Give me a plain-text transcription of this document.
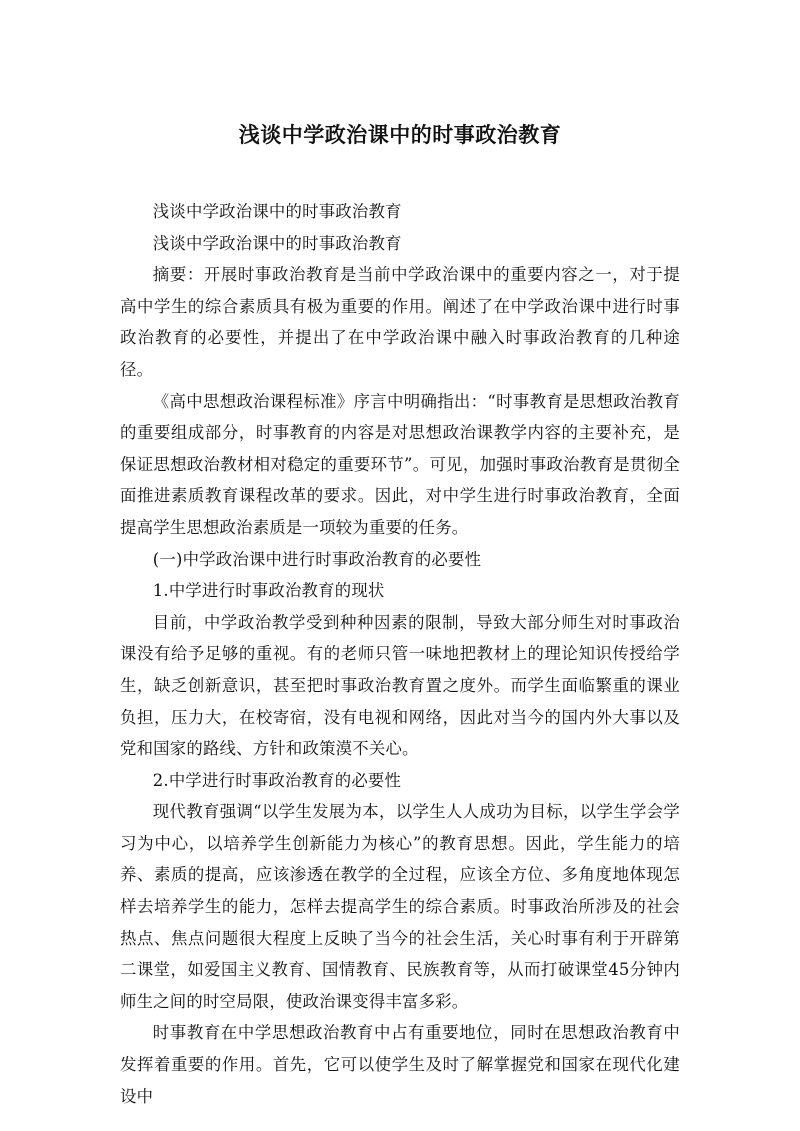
浅谈中学政治课中的时事政治教育

浅谈中学政治课中的时事政治教育

浅谈中学政治课中的时事政治教育

摘要：开展时事政治教育是当前中学政治课中的重要内容之一，对于提高中学生的综合素质具有极为重要的作用。阐述了在中学政治课中进行时事政治教育的必要性，并提出了在中学政治课中融入时事政治教育的几种途径。

《高中思想政治课程标准》序言中明确指出：“时事教育是思想政治教育的重要组成部分，时事教育的内容是对思想政治课教学内容的主要补充，是保证思想政治教材相对稳定的重要环节”。可见，加强时事政治教育是贯彻全面推进素质教育课程改革的要求。因此，对中学生进行时事政治教育，全面提高学生思想政治素质是一项较为重要的任务。

(一)中学政治课中进行时事政治教育的必要性

1.中学进行时事政治教育的现状

目前，中学政治教学受到种种因素的限制，导致大部分师生对时事政治课没有给予足够的重视。有的老师只管一味地把教材上的理论知识传授给学生，缺乏创新意识，甚至把时事政治教育置之度外。而学生面临繁重的课业负担，压力大，在校寄宿，没有电视和网络，因此对当今的国内外大事以及党和国家的路线、方针和政策漠不关心。

2.中学进行时事政治教育的必要性

现代教育强调“以学生发展为本，以学生人人成功为目标，以学生学会学习为中心，以培养学生创新能力为核心”的教育思想。因此，学生能力的培养、素质的提高，应该渗透在教学的全过程，应该全方位、多角度地体现怎样去培养学生的能力，怎样去提高学生的综合素质。时事政治所涉及的社会热点、焦点问题很大程度上反映了当今的社会生活，关心时事有利于开辟第二课堂，如爱国主义教育、国情教育、民族教育等，从而打破课堂45分钟内师生之间的时空局限，使政治课变得丰富多彩。

时事教育在中学思想政治教育中占有重要地位，同时在思想政治教育中发挥着重要的作用。首先，它可以使学生及时了解掌握党和国家在现代化建设中
